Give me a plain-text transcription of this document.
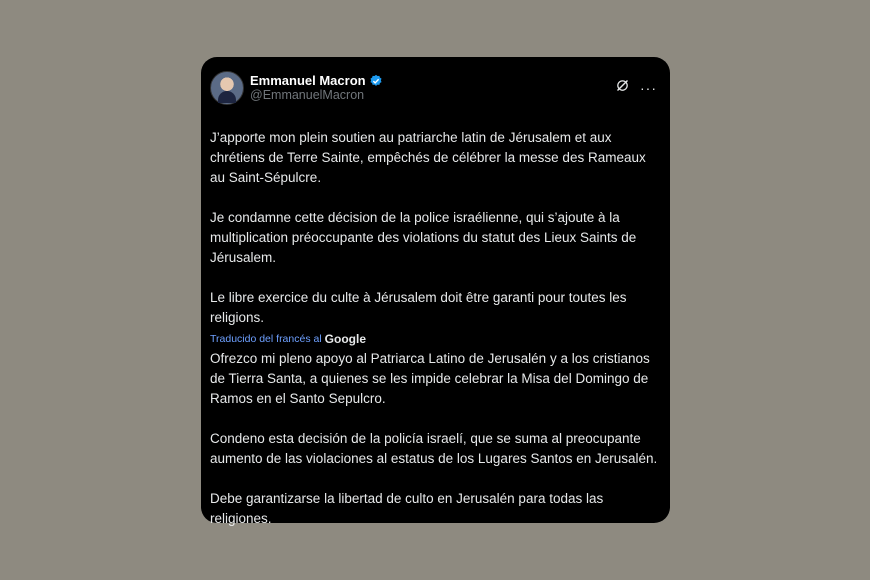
Emmanuel Macron
@EmmanuelMacron	···

J’apporte mon plein soutien au patriarche latin de Jérusalem et aux chrétiens de Terre Sainte, empêchés de célébrer la messe des Rameaux au Saint-Sépulcre.

Je condamne cette décision de la police israélienne, qui s’ajoute à la multiplication préoccupante des violations du statut des Lieux Saints de Jérusalem.

Le libre exercice du culte à Jérusalem doit être garanti pour toutes les religions.

Traducido del francés al Google

Ofrezco mi pleno apoyo al Patriarca Latino de Jerusalén y a los cristianos de Tierra Santa, a quienes se les impide celebrar la Misa del Domingo de Ramos en el Santo Sepulcro.

Condeno esta decisión de la policía israelí, que se suma al preocupante aumento de las violaciones al estatus de los Lugares Santos en Jerusalén.

Debe garantizarse la libertad de culto en Jerusalén para todas las religiones.
